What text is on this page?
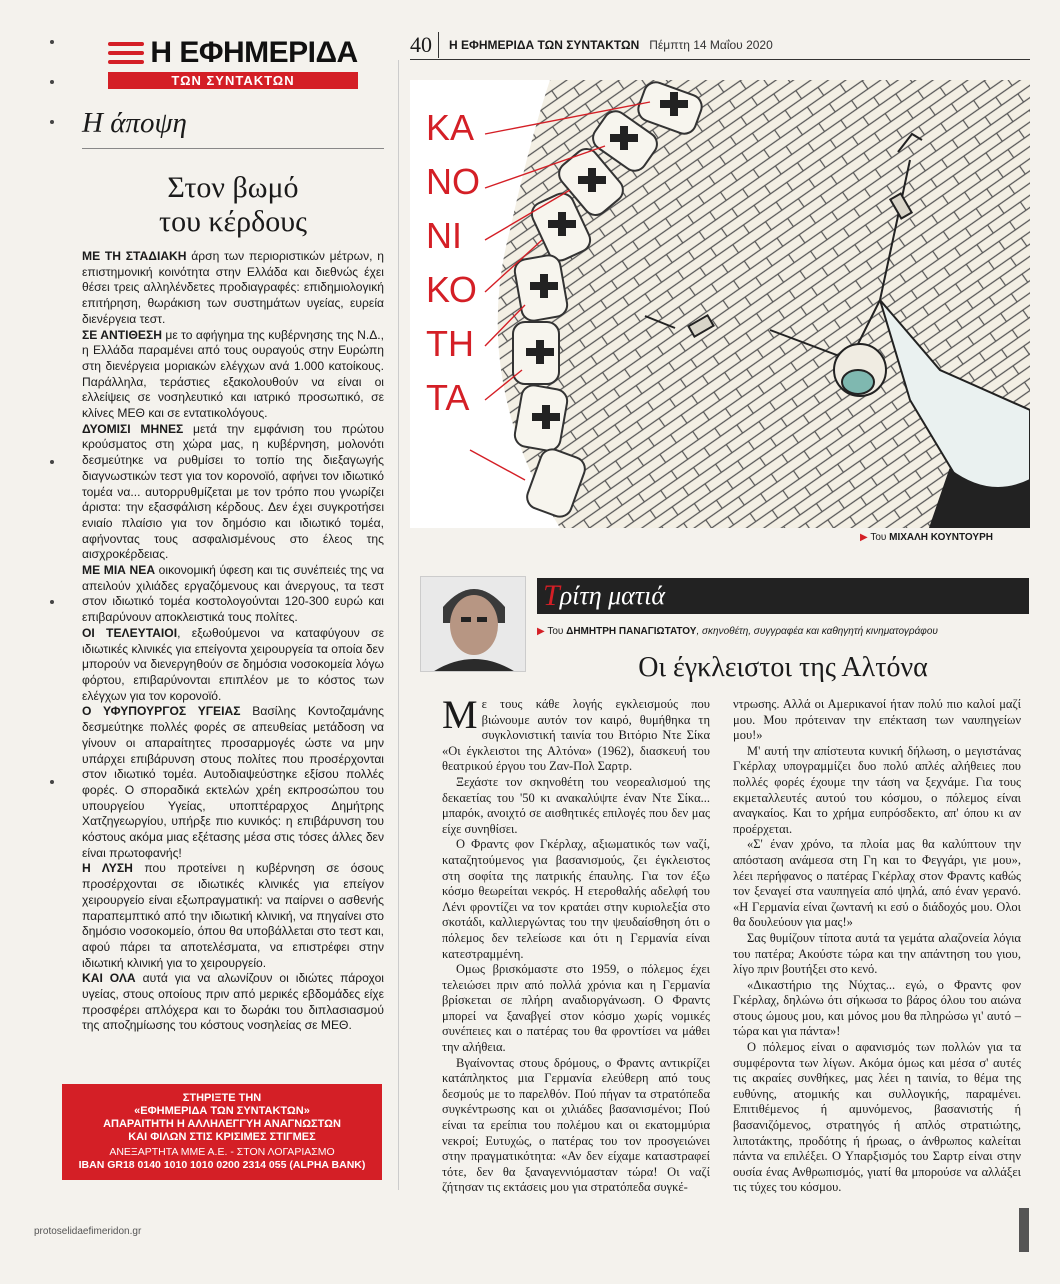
Η ΕΦΗΜΕΡΙΔΑ
ΤΩΝ ΣΥΝΤΑΚΤΩΝ
Η άποψη
Στον βωμό
του κέρδους

ΜΕ ΤΗ ΣΤΑΔΙΑΚΗ άρση των περιοριστικών μέτρων, η επιστημονική κοινότητα στην Ελλάδα και διεθνώς έχει θέσει τρεις αλληλένδετες προδιαγραφές: επιδημιολογική επιτήρηση, θωράκιση των συστημάτων υγείας, ευρεία διενέργεια τεστ.

ΣΕ ΑΝΤΙΘΕΣΗ με το αφήγημα της κυβέρνησης της Ν.Δ., η Ελλάδα παραμένει από τους ουραγούς στην Ευρώπη στη διενέργεια μοριακών ελέγχων ανά 1.000 κατοίκους. Παράλληλα, τεράστιες εξακολουθούν να είναι οι ελλείψεις σε νοσηλευτικό και ιατρικό προσωπικό, σε κλίνες ΜΕΘ και σε εντατικολόγους.

ΔΥΟΜΙΣΙ ΜΗΝΕΣ μετά την εμφάνιση του πρώτου κρούσματος στη χώρα μας, η κυβέρνηση, μολονότι δεσμεύτηκε να ρυθμίσει το τοπίο της διεξαγωγής διαγνωστικών τεστ για τον κορονοϊό, αφήνει τον ιδιωτικό τομέα να... αυτορρυθμίζεται με τον τρόπο που γνωρίζει άριστα: την εξασφάλιση κέρδους. Δεν έχει συγκροτήσει ενιαίο πλαίσιο για τον δημόσιο και ιδιωτικό τομέα, αφήνοντας τους ασφαλισμένους στο έλεος της αισχροκέρδειας.

ΜΕ ΜΙΑ ΝΕΑ οικονομική ύφεση και τις συνέπειές της να απειλούν χιλιάδες εργαζόμενους και άνεργους, τα τεστ στον ιδιωτικό τομέα κοστολογούνται 120-300 ευρώ και επιβαρύνουν αποκλειστικά τους πολίτες.

ΟΙ ΤΕΛΕΥΤΑΙΟΙ, εξωθούμενοι να καταφύγουν σε ιδιωτικές κλινικές για επείγοντα χειρουργεία τα οποία δεν μπορούν να διενεργηθούν σε δημόσια νοσοκομεία λόγω φόρτου, επιβαρύνονται επιπλέον με το κόστος των ελέγχων για τον κορονοϊό.

Ο ΥΦΥΠΟΥΡΓΟΣ ΥΓΕΙΑΣ Βασίλης Κοντοζαμάνης δεσμεύτηκε πολλές φορές σε απευθείας μετάδοση να γίνουν οι απαραίτητες προσαρμογές ώστε να μην υπάρχει επιβάρυνση στους πολίτες που προσέρχονται στον ιδιωτικό τομέα. Αυτοδιαψεύστηκε εξίσου πολλές φορές. Ο σποραδικά εκτελών χρέη εκπροσώπου του υπουργείου Υγείας, υποπτέραρχος Δημήτρης Χατζηγεωργίου, υπήρξε πιο κυνικός: η επιβάρυνση του κόστους ακόμα μιας εξέτασης μέσα στις τόσες άλλες δεν είναι πρωτοφανής!

Η ΛΥΣΗ που προτείνει η κυβέρνηση σε όσους προσέρχονται σε ιδιωτικές κλινικές για επείγον χειρουργείο είναι εξωπραγματική: να παίρνει ο ασθενής παραπεμπτικό από την ιδιωτική κλινική, να πηγαίνει στο δημόσιο νοσοκομείο, όπου θα υποβάλλεται στο τεστ και, αφού πάρει τα αποτελέσματα, να επιστρέφει στην ιδιωτική κλινική για το χειρουργείο.

ΚΑΙ ΟΛΑ αυτά για να αλωνίζουν οι ιδιώτες πάροχοι υγείας, στους οποίους πριν από μερικές εβδομάδες είχε προσφέρει απλόχερα και το δωράκι του διπλασιασμού της αποζημίωσης του κόστους νοσηλείας σε ΜΕΘ.

ΣΤΗΡΙΞΤΕ ΤΗΝ
«ΕΦΗΜΕΡΙΔΑ ΤΩΝ ΣΥΝΤΑΚΤΩΝ»
ΑΠΑΡΑΙΤΗΤΗ Η ΑΛΛΗΛΕΓΓΥΗ ΑΝΑΓΝΩΣΤΩΝ
ΚΑΙ ΦΙΛΩΝ ΣΤΙΣ ΚΡΙΣΙΜΕΣ ΣΤΙΓΜΕΣ
ΑΝΕΞΑΡΤΗΤΑ ΜΜΕ Α.Ε. - ΣΤΟΝ ΛΟΓΑΡΙΑΣΜΟ
IBAN GR18 0140 1010 1010 0200 2314 055 (ALPHA BANK)
protoselidaefimeridon.gr
40	Η ΕΦΗΜΕΡΙΔΑ ΤΩΝ ΣΥΝΤΑΚΤΩΝ Πέμπτη 14 Μαΐου 2020
ΚΑ
ΝΟ
ΝΙ
ΚΟ
ΤΗ
ΤΑ
▶ Του ΜΙΧΑΛΗ ΚΟΥΝΤΟΥΡΗ
Τ ρίτη ματιά
▶ Του ΔΗΜΗΤΡΗ ΠΑΝΑΓΙΩΤΑΤΟΥ, σκηνοθέτη, συγγραφέα και καθηγητή κινηματογράφου
Οι έγκλειστοι της Αλτόνα

Με τους κάθε λογής εγκλεισμούς που βιώνουμε αυτόν τον καιρό, θυμήθηκα τη συγκλονιστική ταινία του Βιτόριο Ντε Σίκα «Οι έγκλειστοι της Αλτόνα» (1962), διασκευή του θεατρικού έργου του Ζαν-Πολ Σαρτρ.

Ξεχάστε τον σκηνοθέτη του νεορεαλισμού της δεκαετίας του '50 κι ανακαλύψτε έναν Ντε Σίκα... μπαρόκ, ανοιχτό σε αισθητικές επιλογές που δεν μας είχε συνηθίσει.

Ο Φραντς φον Γκέρλαχ, αξιωματικός των ναζί, καταζητούμενος για βασανισμούς, ζει έγκλειστος στη σοφίτα της πατρικής έπαυλης. Για τον έξω κόσμο θεωρείται νεκρός. Η ετεροθαλής αδελφή του Λένι φροντίζει να τον κρατάει στην κυριολεξία στο σκοτάδι, καλλιεργώντας του την ψευδαίσθηση ότι ο πόλεμος δεν τελείωσε και ότι η Γερμανία είναι κατεστραμμένη.

Ομως βρισκόμαστε στο 1959, ο πόλεμος έχει τελειώσει πριν από πολλά χρόνια και η Γερμανία βρίσκεται σε πλήρη αναδιοργάνωση. Ο Φραντς μπορεί να ξαναβγεί στον κόσμο χωρίς νομικές συνέπειες και ο πατέρας του θα φροντίσει να μάθει την αλήθεια.

Βγαίνοντας στους δρόμους, ο Φραντς αντικρίζει κατάπληκτος μια Γερμανία ελεύθερη από τους δεσμούς με το παρελθόν. Πού πήγαν τα στρατόπεδα συγκέντρωσης και οι χιλιάδες βασανισμένοι; Πού είναι τα ερείπια του πολέμου και οι εκατομμύρια νεκροί; Ευτυχώς, ο πατέρας του τον προσγειώνει στην πραγματικότητα: «Αν δεν είχαμε καταστραφεί τότε, δεν θα ξαναγεννιόμασταν τώρα! Οι ναζί ζήτησαν τις εκτάσεις μου για στρατόπεδα συγκέ-

ντρωσης. Αλλά οι Αμερικανοί ήταν πολύ πιο καλοί μαζί μου. Μου πρότειναν την επέκταση των ναυπηγείων μου!»

Μ' αυτή την απίστευτα κυνική δήλωση, ο μεγιστάνας Γκέρλαχ υπογραμμίζει δυο πολύ απλές αλήθειες που πολλές φορές έχουμε την τάση να ξεχνάμε. Για τους εκμεταλλευτές αυτού του κόσμου, ο πόλεμος είναι αναγκαίος. Και το χρήμα ευπρόσδεκτο, απ' όπου κι αν προέρχεται.

«Σ' έναν χρόνο, τα πλοία μας θα καλύπτουν την απόσταση ανάμεσα στη Γη και το Φεγγάρι, γιε μου», λέει περήφανος ο πατέρας Γκέρλαχ στον Φραντς καθώς τον ξεναγεί στα ναυπηγεία από ψηλά, από έναν γερανό. «Η Γερμανία είναι ζωντανή κι εσύ ο διάδοχός μου. Ολοι θα δουλεύουν για μας!»

Σας θυμίζουν τίποτα αυτά τα γεμάτα αλαζονεία λόγια του πατέρα; Ακούστε τώρα και την απάντηση του γιου, λίγο πριν βουτήξει στο κενό.

«Δικαστήριο της Νύχτας... εγώ, ο Φραντς φον Γκέρλαχ, δηλώνω ότι σήκωσα το βάρος όλου του αιώνα στους ώμους μου, και μόνος μου θα πληρώσω γι' αυτό – τώρα και για πάντα»!

Ο πόλεμος είναι ο αφανισμός των πολλών για τα συμφέροντα των λίγων. Ακόμα όμως και μέσα σ' αυτές τις ακραίες συνθήκες, μας λέει η ταινία, το θέμα της ευθύνης, ατομικής και συλλογικής, παραμένει. Επιτιθέμενος ή αμυνόμενος, βασανιστής ή βασανιζόμενος, στρατηγός ή απλός στρατιώτης, λιποτάκτης, προδότης ή ήρωας, ο άνθρωπος καλείται πάντα να επιλέξει. Ο Υπαρξισμός του Σαρτρ είναι στην ουσία ένας Ανθρωπισμός, γιατί θα μπορούσε να αλλάξει τις τύχες του κόσμου.
